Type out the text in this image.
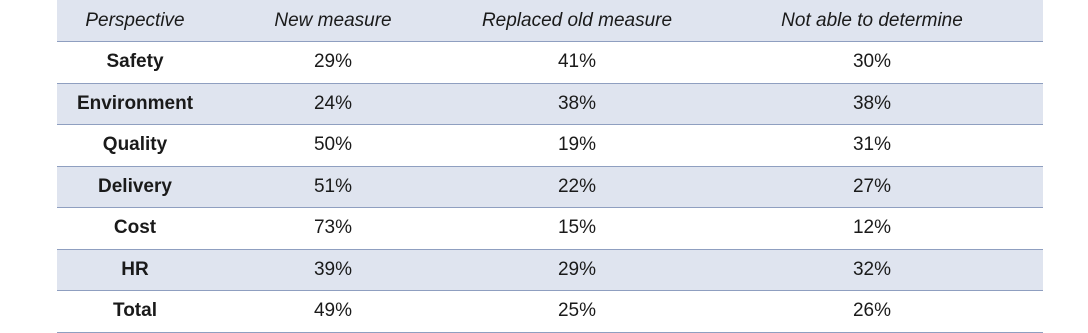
Perspective	New measure	Replaced old measure	Not able to determine
Safety	29%	41%	30%
Environment	24%	38%	38%
Quality	50%	19%	31%
Delivery	51%	22%	27%
Cost	73%	15%	12%
HR	39%	29%	32%
Total	49%	25%	26%
